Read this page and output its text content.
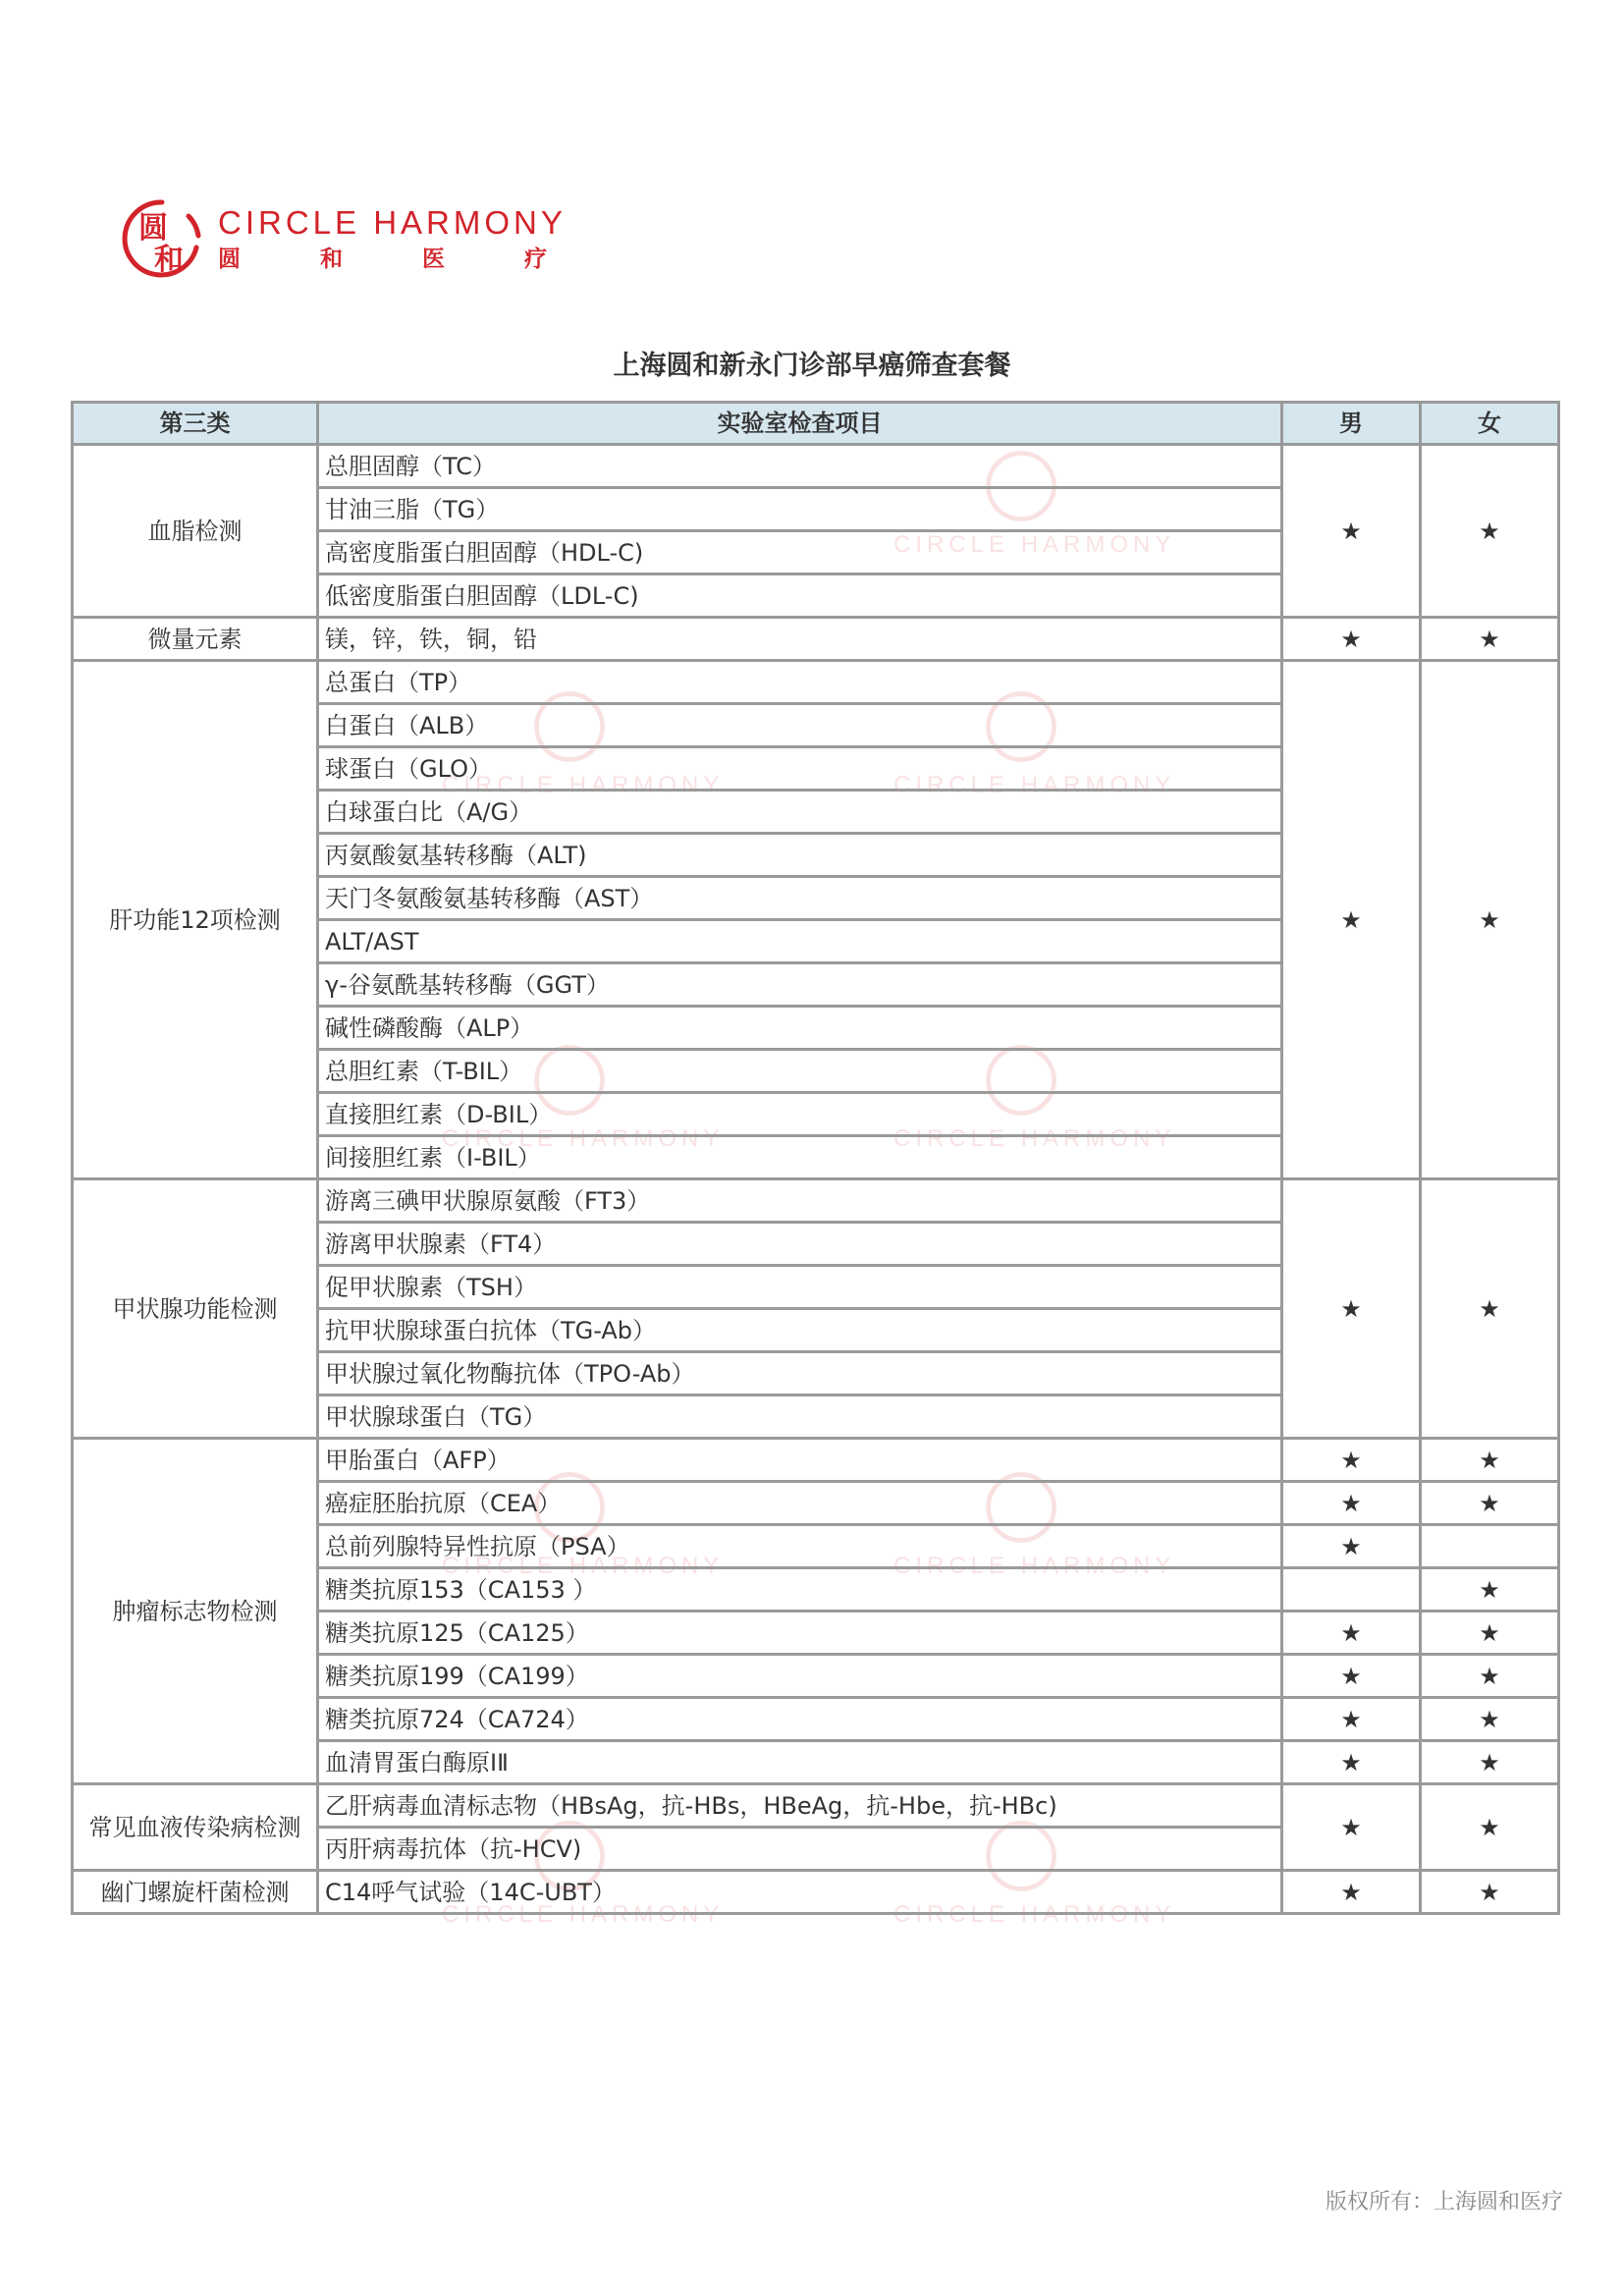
圆
和
CIRCLE HARMONY
圆	和	医	疗
上海圆和新永门诊部早癌筛查套餐
CIRCLE HARMONY
CIRCLE HARMONY	CIRCLE HARMONY
CIRCLE HARMONY	CIRCLE HARMONY
CIRCLE HARMONY	CIRCLE HARMONY
CIRCLE HARMONY
CIRCLE HARMONY
第三类	实验室检查项目	男	女
血脂检测	总胆固醇（TC）	★	★
	甘油三脂（TG）		
	高密度脂蛋白胆固醇（HDL-C)		
	低密度脂蛋白胆固醇（LDL-C)		
微量元素	镁，锌，铁，铜，铅	★	★
肝功能12项检测	总蛋白（TP）	★	★
	白蛋白（ALB）		
	球蛋白（GLO）		
	白球蛋白比（A/G）		
	丙氨酸氨基转移酶（ALT)		
	天门冬氨酸氨基转移酶（AST）		
	ALT/AST		
	γ-谷氨酰基转移酶（GGT）		
	碱性磷酸酶（ALP）		
	总胆红素（T-BIL）		
	直接胆红素（D-BIL）		
	间接胆红素（I-BIL）		
甲状腺功能检测	游离三碘甲状腺原氨酸（FT3）	★	★
	游离甲状腺素（FT4）		
	促甲状腺素（TSH）		
	抗甲状腺球蛋白抗体（TG-Ab）		
	甲状腺过氧化物酶抗体（TPO-Ab）		
	甲状腺球蛋白（TG）		
肿瘤标志物检测	甲胎蛋白（AFP）	★	★
	癌症胚胎抗原（CEA）	★	★
	总前列腺特异性抗原（PSA）	★	
	糖类抗原153（CA153 ）		★
	糖类抗原125（CA125）	★	★
	糖类抗原199（CA199）	★	★
	糖类抗原724（CA724）	★	★
	血清胃蛋白酶原ⅠⅡ	★	★
常见血液传染病检测	乙肝病毒血清标志物（HBsAg，抗-HBs，HBeAg，抗-Hbe，抗-HBc)	★	★
	丙肝病毒抗体（抗-HCV)		
幽门螺旋杆菌检测	C14呼气试验（14C-UBT）	★	★
版权所有：上海圆和医疗
